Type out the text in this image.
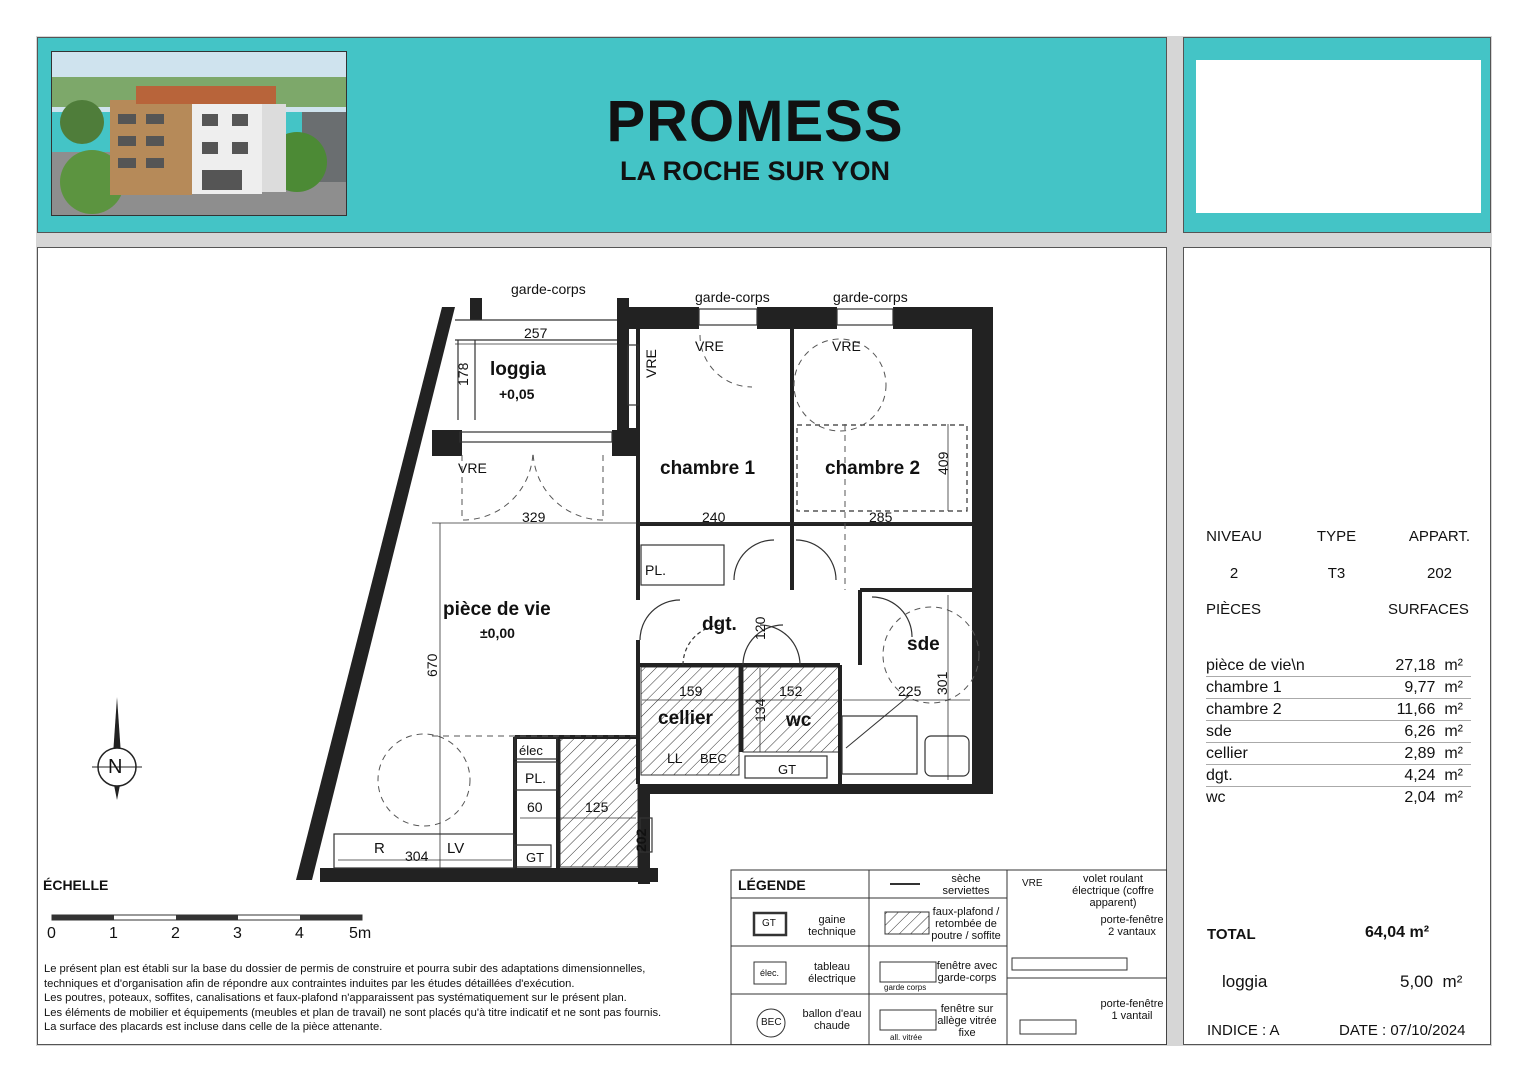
PROMESS
LA ROCHE SUR YON
garde-corps	garde-corps	garde-corps
VRE	VRE
VRE
VRE
loggia
+0,05
chambre 1	chambre 2
pièce de vie
±0,00	dgt.
sde
cellier	wc
PL.
PL.
élec
GT
GT
LL BEC
R	LV	202
257
178
329	240	285
409
670
120
159	152
134
225 301
60	125
304
N
ÉCHELLE
0	1	2	3	4	5m
Le présent plan est établi sur la base du dossier de permis de construire et pourra subir des adaptations dimensionnelles,
techniques et d'organisation afin de répondre aux contraintes induites par les études détaillées d'exécution.
Les poutres, poteaux, soffites, canalisations et faux-plafond n'apparaissent pas systématiquement sur le présent plan.
Les éléments de mobilier et équipements (meubles et plan de travail) ne sont placés qu'à titre indicatif et ne sont pas fournis.
La surface des placards est incluse dans celle de la pièce attenante.
LÉGENDE	sèche serviettes
volet roulant électrique (coffre apparent)
VRE
GT	gaine technique
faux-plafond / retombée de poutre / soffite
porte-fenêtre 2 vantaux
élec.	tableau électrique
fenêtre avec garde-corps
garde corps
BEC
ballon d'eau chaude
fenêtre sur allège vitrée fixe
all. vitrée
porte-fenêtre 1 vantail
NIVEAU	TYPE	APPART.
2	T3	202
PIÈCES	SURFACES
pièce de vie\n	27,18 m²
chambre 1	9,77 m²
chambre 2	11,66 m²
sde	6,26 m²
cellier	2,89 m²
dgt.	4,24 m²
wc	2,04 m²
TOTAL	64,04 m²
loggia	5,00 m²
INDICE : A	DATE : 07/10/2024
